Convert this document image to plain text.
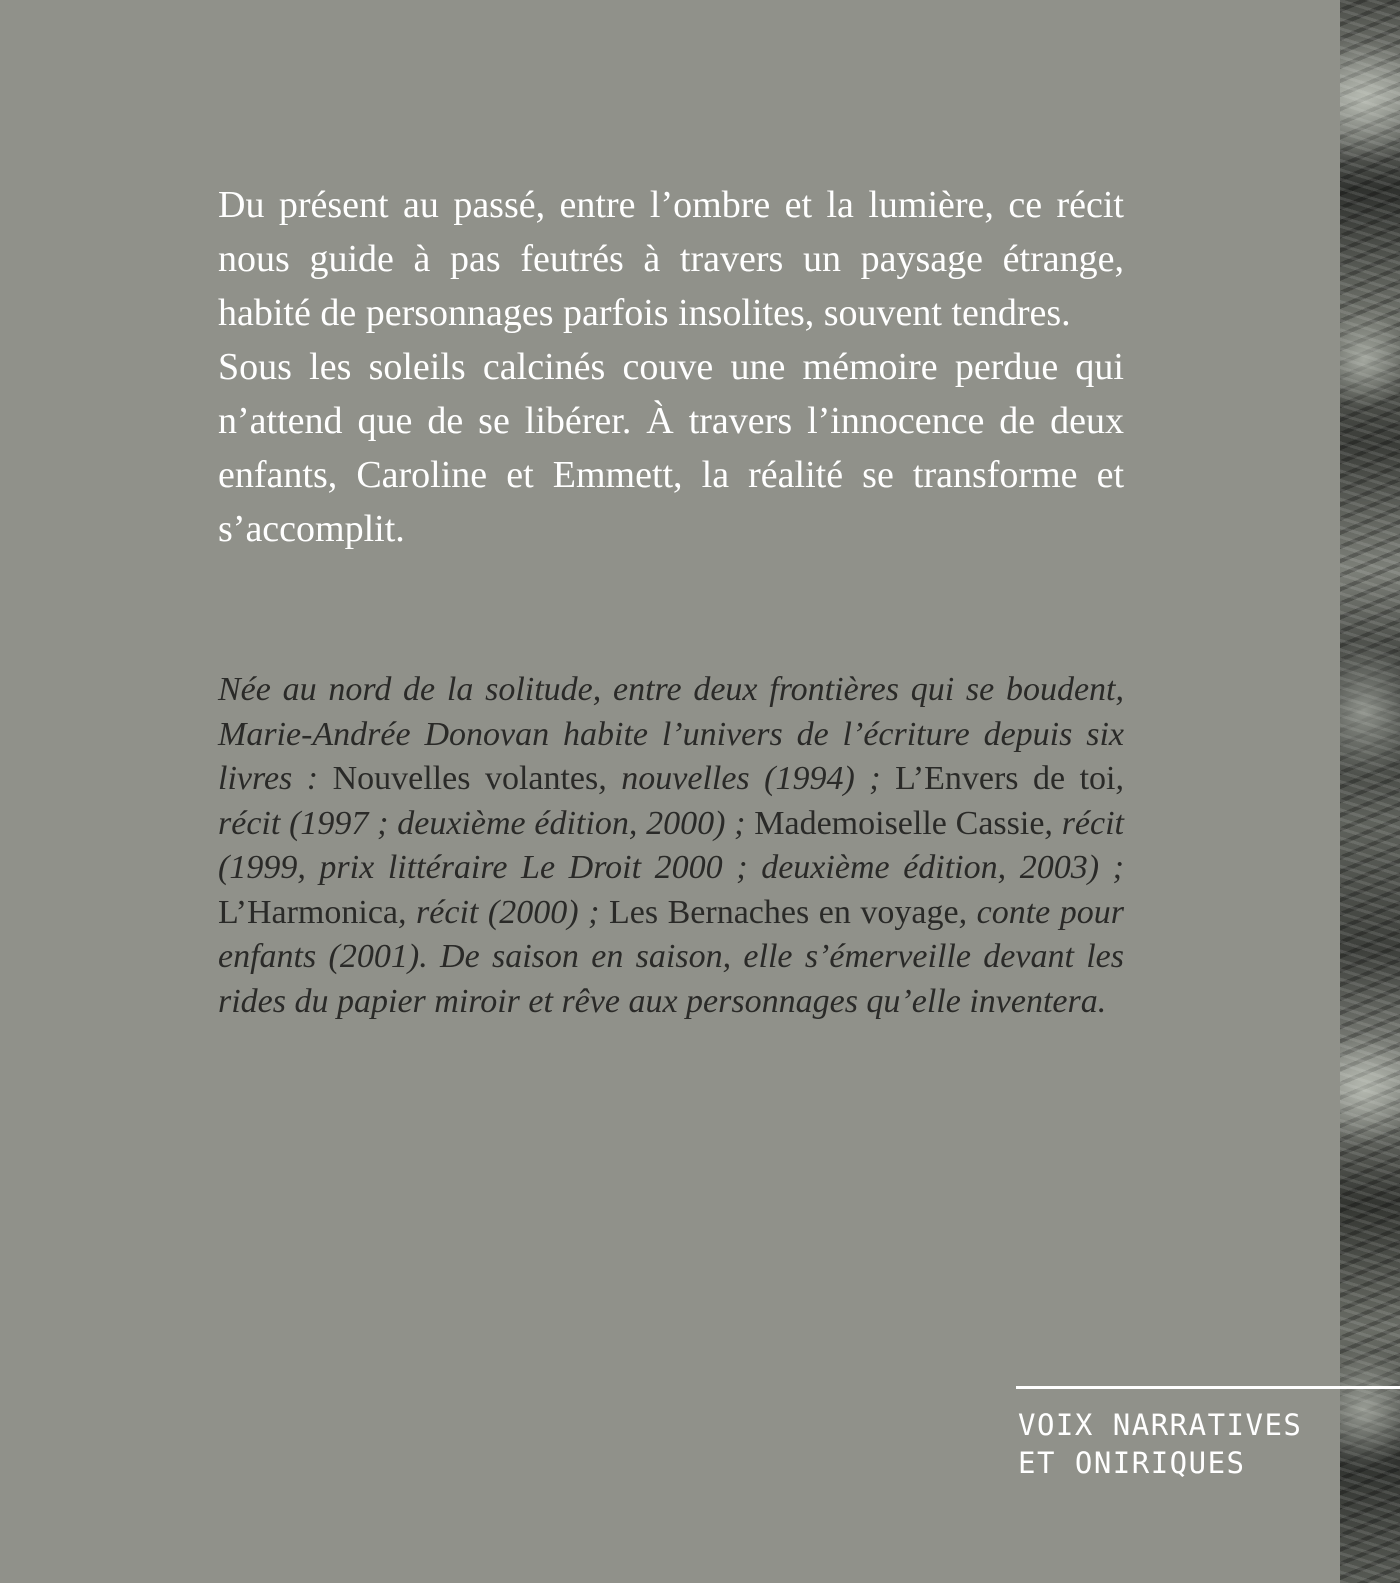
Du présent au passé, entre l’ombre et la lumière, ce récit nous guide à pas feutrés à travers un paysage étrange, habité de personnages parfois insolites, souvent tendres.

Sous les soleils calcinés couve une mémoire perdue qui n’attend que de se libérer. À travers l’innocence de deux enfants, Caroline et Emmett, la réalité se transforme et s’accomplit.

Née au nord de la solitude, entre deux frontières qui se boudent, Marie-Andrée Donovan habite l’univers de l’écriture depuis six livres : Nouvelles volantes, nouvelles (1994) ; L’Envers de toi, récit (1997 ; deuxième édition, 2000) ; Mademoiselle Cassie, récit (1999, prix littéraire Le Droit 2000 ; deuxième édition, 2003) ; L’Harmonica, récit (2000) ; Les Bernaches en voyage, conte pour enfants (2001). De saison en saison, elle s’émerveille devant les rides du papier miroir et rêve aux personnages qu’elle inventera.

VOIX NARRATIVES
ET ONIRIQUES
